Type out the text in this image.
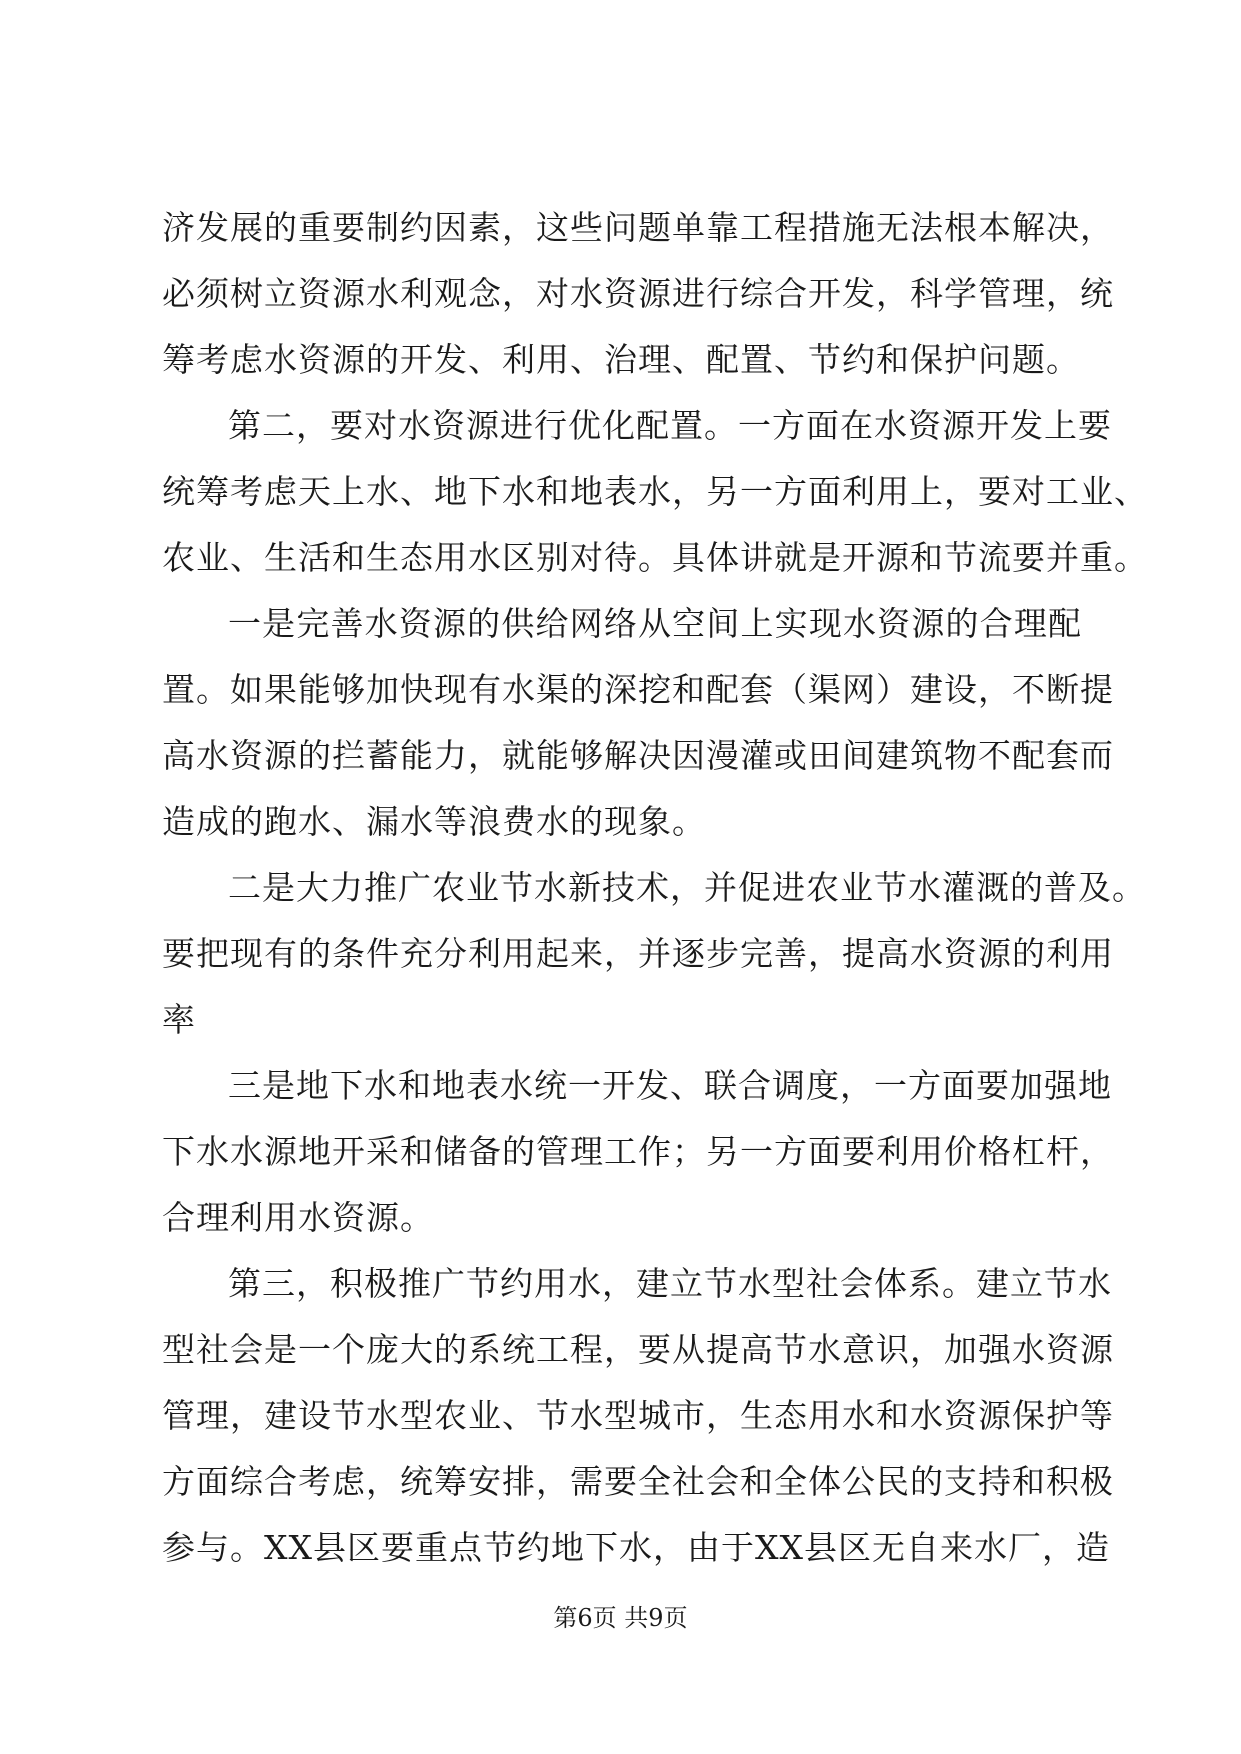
济发展的重要制约因素，这些问题单靠工程措施无法根本解决，
必须树立资源水利观念，对水资源进行综合开发，科学管理，统
筹考虑水资源的开发、利用、治理、配置、节约和保护问题。
第二，要对水资源进行优化配置。一方面在水资源开发上要
统筹考虑天上水、地下水和地表水，另一方面利用上，要对工业、
农业、生活和生态用水区别对待。具体讲就是开源和节流要并重。
一是完善水资源的供给网络从空间上实现水资源的合理配
置。如果能够加快现有水渠的深挖和配套（渠网）建设，不断提
高水资源的拦蓄能力，就能够解决因漫灌或田间建筑物不配套而
造成的跑水、漏水等浪费水的现象。
二是大力推广农业节水新技术，并促进农业节水灌溉的普及。
要把现有的条件充分利用起来，并逐步完善，提高水资源的利用
率
三是地下水和地表水统一开发、联合调度，一方面要加强地
下水水源地开采和储备的管理工作；另一方面要利用价格杠杆，
合理利用水资源。
第三，积极推广节约用水，建立节水型社会体系。建立节水
型社会是一个庞大的系统工程，要从提高节水意识，加强水资源
管理，建设节水型农业、节水型城市，生态用水和水资源保护等
方面综合考虑，统筹安排，需要全社会和全体公民的支持和积极
参与。XX县区要重点节约地下水，由于XX县区无自来水厂，造
第6页 共9页
